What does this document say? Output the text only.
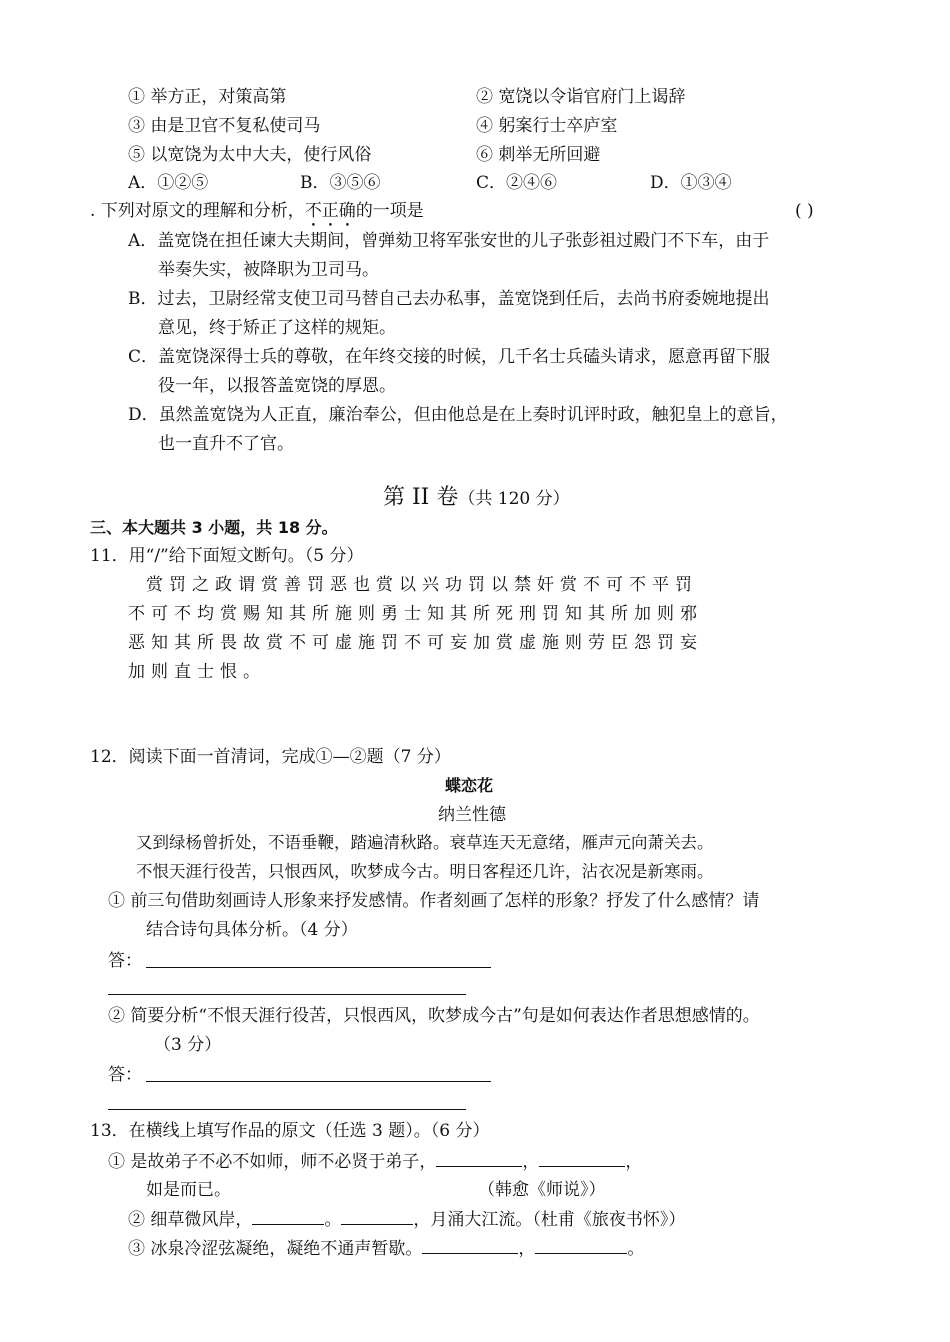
① 举方正，对策高第	② 宽饶以令诣官府门上谒辞
③ 由是卫官不复私使司马	④ 躬案行士卒庐室
⑤ 以宽饶为太中大夫，使行风俗	⑥ 刺举无所回避
A．①②⑤	B．③⑤⑥	C．②④⑥	D．①③④
. 下列对原文的理解和分析，不正确的一项是	( )
A．盖宽饶在担任谏大夫期间，曾弹劾卫将军张安世的儿子张彭祖过殿门不下车，由于
举奏失实，被降职为卫司马。
B．过去，卫尉经常支使卫司马替自己去办私事，盖宽饶到任后，去尚书府委婉地提出
意见，终于矫正了这样的规矩。
C．盖宽饶深得士兵的尊敬，在年终交接的时候，几千名士兵磕头请求，愿意再留下服
役一年，以报答盖宽饶的厚恩。
D．虽然盖宽饶为人正直，廉治奉公，但由他总是在上奏时讥评时政，触犯皇上的意旨，
也一直升不了官。
第 II 卷（共 120 分）
三、本大题共 3 小题，共 18 分。
11．用“/”给下面短文断句。（5 分）
赏罚之政谓赏善罚恶也赏以兴功罚以禁奸赏不可不平罚
不可不均赏赐知其所施则勇士知其所死刑罚知其所加则邪
恶知其所畏故赏不可虚施罚不可妄加赏虚施则劳臣怨罚妄
加则直士恨。
12．阅读下面一首清词，完成①—②题（7 分）
蝶恋花
纳兰性德
又到绿杨曾折处，不语垂鞭，踏遍清秋路。衰草连天无意绪，雁声元向萧关去。
不恨天涯行役苦，只恨西风，吹梦成今古。明日客程还几许，沾衣况是新寒雨。
① 前三句借助刻画诗人形象来抒发感情。作者刻画了怎样的形象？抒发了什么感情？请
结合诗句具体分析。（4 分）
答：
② 简要分析“不恨天涯行役苦，只恨西风，吹梦成今古”句是如何表达作者思想感情的。
（3 分）
答：
13．在横线上填写作品的原文（任选 3 题）。（6 分）
① 是故弟子不必不如师，师不必贤于弟子，	，	，
如是而已。	（韩愈《师说》）
② 细草微风岸，	。	，月涌大江流。（杜甫《旅夜书怀》）
③ 冰泉冷涩弦凝绝，凝绝不通声暂歇。	，	。
